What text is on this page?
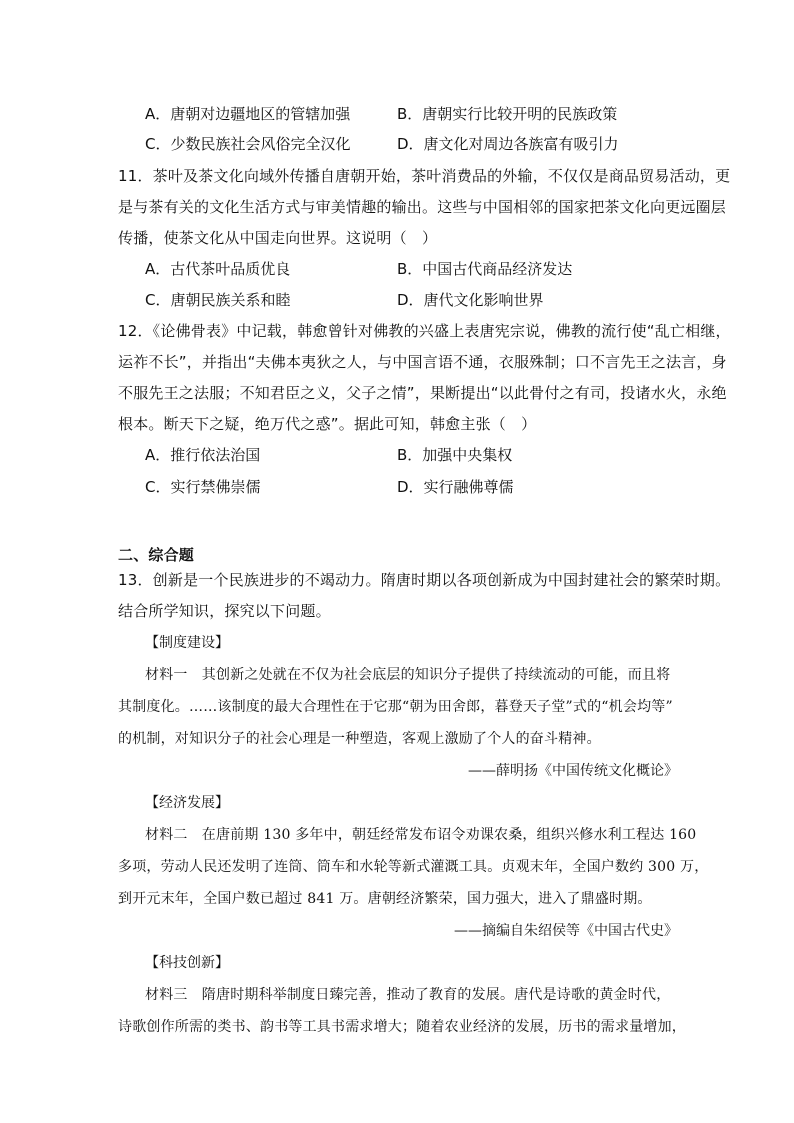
A．唐朝对边疆地区的管辖加强	B．唐朝实行比较开明的民族政策
C．少数民族社会风俗完全汉化	D．唐文化对周边各族富有吸引力
11．茶叶及茶文化向域外传播自唐朝开始，茶叶消费品的外输，不仅仅是商品贸易活动，更
是与茶有关的文化生活方式与审美情趣的输出。这些与中国相邻的国家把茶文化向更远圈层
传播，使茶文化从中国走向世界。这说明（　）
A．古代茶叶品质优良	B．中国古代商品经济发达
C．唐朝民族关系和睦	D．唐代文化影响世界
12．《论佛骨表》中记载，韩愈曾针对佛教的兴盛上表唐宪宗说，佛教的流行使“乱亡相继，
运祚不长”，并指出“夫佛本夷狄之人，与中国言语不通，衣服殊制；口不言先王之法言，身
不服先王之法服；不知君臣之义，父子之情”，果断提出“以此骨付之有司，投诸水火，永绝
根本。断天下之疑，绝万代之惑”。据此可知，韩愈主张（　）
A．推行依法治国	B．加强中央集权
C．实行禁佛崇儒	D．实行融佛尊儒
二、综合题
13．创新是一个民族进步的不竭动力。隋唐时期以各项创新成为中国封建社会的繁荣时期。
结合所学知识，探究以下问题。
【制度建设】
材料一　其创新之处就在不仅为社会底层的知识分子提供了持续流动的可能，而且将
其制度化。……该制度的最大合理性在于它那“朝为田舍郎，暮登天子堂”式的“机会均等”
的机制，对知识分子的社会心理是一种塑造，客观上激励了个人的奋斗精神。
——薛明扬《中国传统文化概论》
【经济发展】
材料二　在唐前期 130 多年中，朝廷经常发布诏令劝课农桑，组织兴修水利工程达 160
多项，劳动人民还发明了连筒、筒车和水轮等新式灌溉工具。贞观末年，全国户数约 300 万，
到开元末年，全国户数已超过 841 万。唐朝经济繁荣，国力强大，进入了鼎盛时期。
——摘编自朱绍侯等《中国古代史》
【科技创新】
材料三　隋唐时期科举制度日臻完善，推动了教育的发展。唐代是诗歌的黄金时代，
诗歌创作所需的类书、韵书等工具书需求增大；随着农业经济的发展，历书的需求量增加，
